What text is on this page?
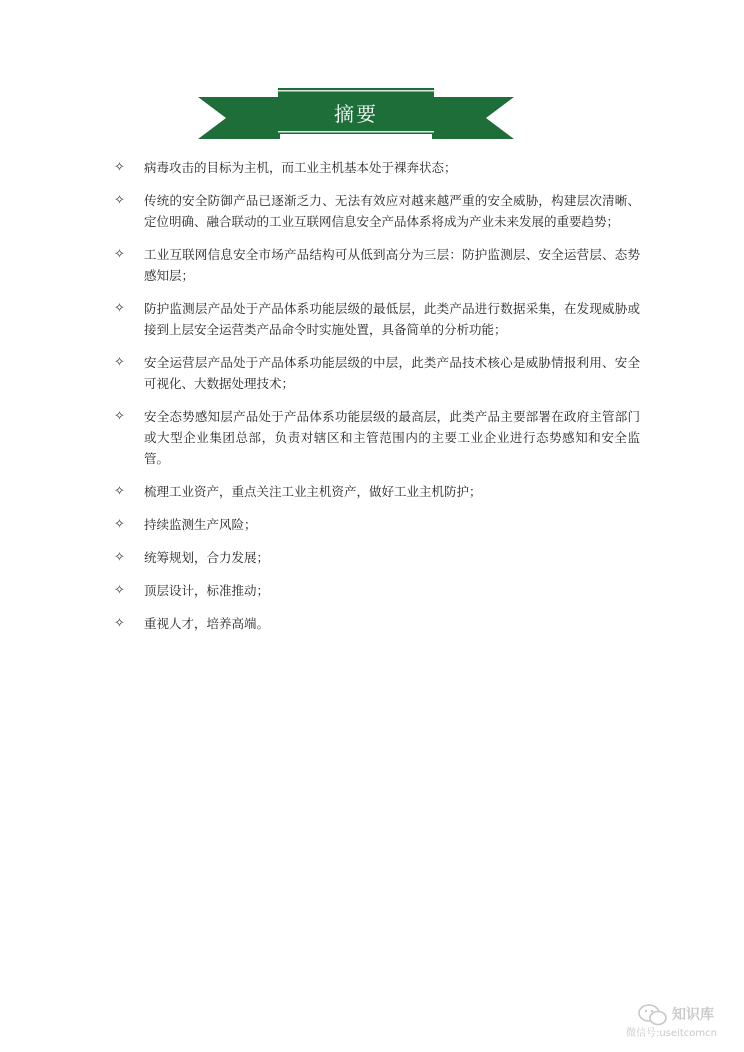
摘要
✧	病毒攻击的目标为主机，而工业主机基本处于裸奔状态；
✧	传统的安全防御产品已逐渐乏力、无法有效应对越来越严重的安全威胁，构建层次清晰、定位明确、融合联动的工业互联网信息安全产品体系将成为产业未来发展的重要趋势；
✧	工业互联网信息安全市场产品结构可从低到高分为三层：防护监测层、安全运营层、态势感知层；
✧	防护监测层产品处于产品体系功能层级的最低层，此类产品进行数据采集，在发现威胁或接到上层安全运营类产品命令时实施处置，具备简单的分析功能；
✧	安全运营层产品处于产品体系功能层级的中层，此类产品技术核心是威胁情报利用、安全可视化、大数据处理技术；
✧	安全态势感知层产品处于产品体系功能层级的最高层，此类产品主要部署在政府主管部门或大型企业集团总部，负责对辖区和主管范围内的主要工业企业进行态势感知和安全监管。
✧	梳理工业资产，重点关注工业主机资产，做好工业主机防护；
✧	持续监测生产风险；
✧	统筹规划，合力发展；
✧	顶层设计，标准推动；
✧	重视人才，培养高端。
知识库
微信号:useitcomcn
